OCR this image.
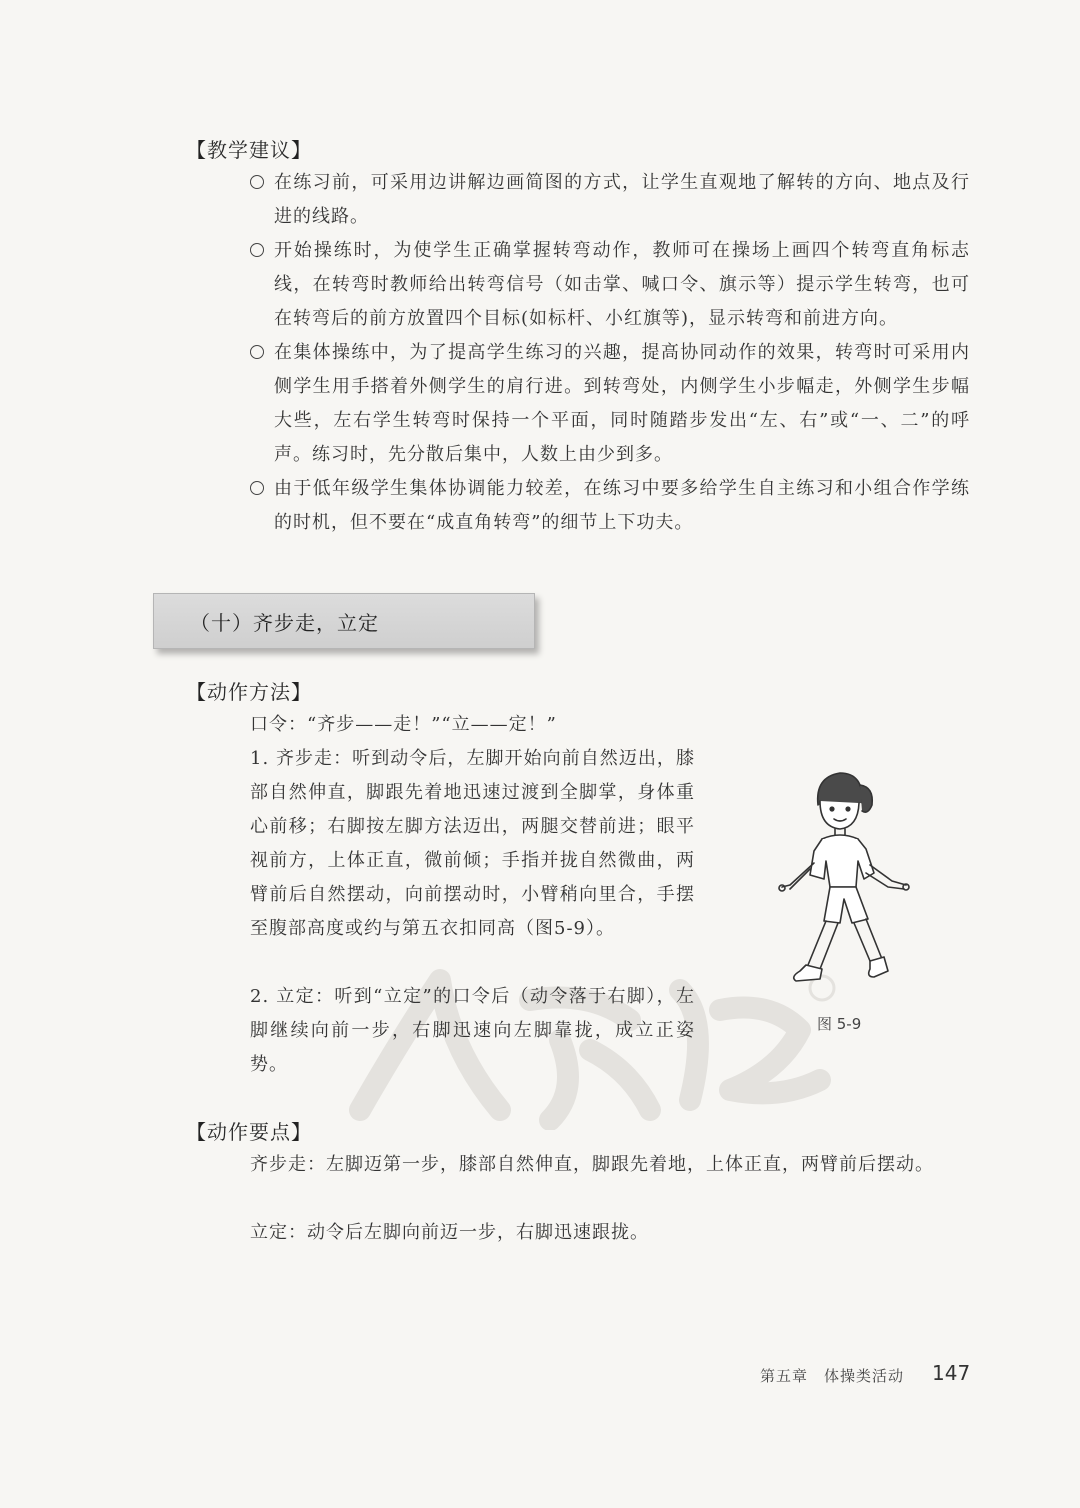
【教学建议】
在练习前，可采用边讲解边画简图的方式，让学生直观地了解转的方向、地点及行进的线路。
开始操练时，为使学生正确掌握转弯动作，教师可在操场上画四个转弯直角标志线，在转弯时教师给出转弯信号（如击掌、喊口令、旗示等）提示学生转弯，也可在转弯后的前方放置四个目标(如标杆、小红旗等)，显示转弯和前进方向。
在集体操练中，为了提高学生练习的兴趣，提高协同动作的效果，转弯时可采用内侧学生用手搭着外侧学生的肩行进。到转弯处，内侧学生小步幅走，外侧学生步幅大些，左右学生转弯时保持一个平面，同时随踏步发出“左、右”或“一、二”的呼声。练习时，先分散后集中，人数上由少到多。
由于低年级学生集体协调能力较差，在练习中要多给学生自主练习和小组合作学练的时机，但不要在“成直角转弯”的细节上下功夫。
（十）齐步走，立定
【动作方法】
口令：“齐步——走！”“立——定！”
1. 齐步走：听到动令后，左脚开始向前自然迈出，膝部自然伸直，脚跟先着地迅速过渡到全脚掌，身体重心前移；右脚按左脚方法迈出，两腿交替前进；眼平视前方，上体正直，微前倾；手指并拢自然微曲，两臂前后自然摆动，向前摆动时，小臂稍向里合，手摆至腹部高度或约与第五衣扣同高（图5-9）。
2. 立定：听到“立定”的口令后（动令落于右脚），左脚继续向前一步，右脚迅速向左脚靠拢，成立正姿势。
图 5-9
【动作要点】
齐步走：左脚迈第一步，膝部自然伸直，脚跟先着地，上体正直，两臂前后摆动。
立定：动令后左脚向前迈一步，右脚迅速跟拢。
第五章　体操类活动 147
